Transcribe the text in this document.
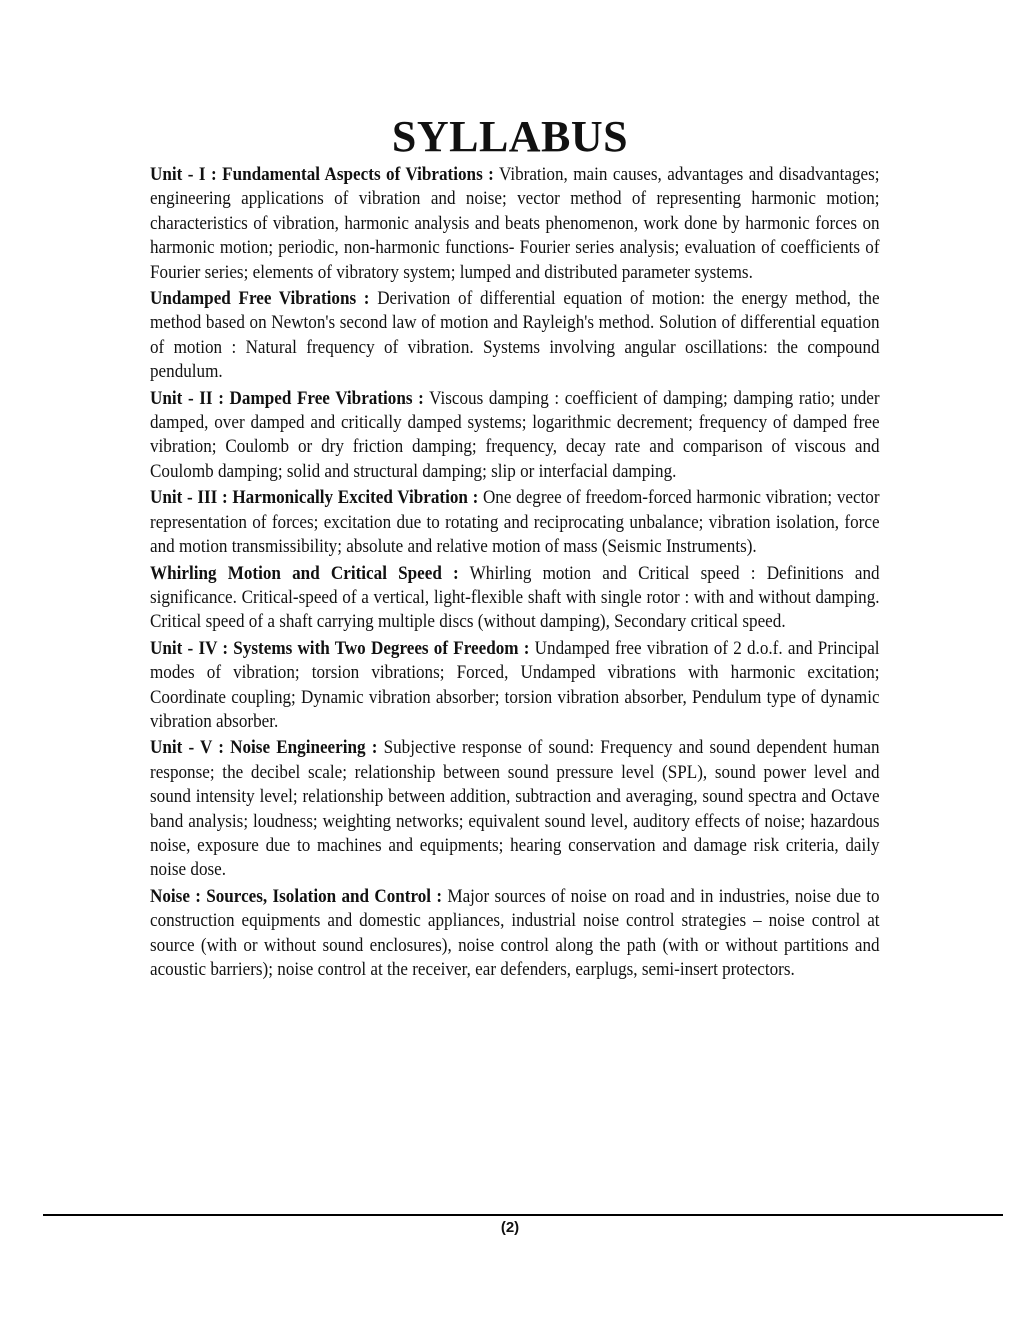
SYLLABUS

Unit - I : Fundamental Aspects of Vibrations : Vibration, main causes, advantages and disadvantages; engineering applications of vibration and noise; vector method of representing harmonic motion; characteristics of vibration, harmonic analysis and beats phenomenon, work done by harmonic forces on harmonic motion; periodic, non-harmonic functions- Fourier series analysis; evaluation of coefficients of Fourier series; elements of vibratory system; lumped and distributed parameter systems.

Undamped Free Vibrations : Derivation of differential equation of motion: the energy method, the method based on Newton's second law of motion and Rayleigh's method. Solution of differential equation of motion : Natural frequency of vibration. Systems involving angular oscillations: the compound pendulum.

Unit - II : Damped Free Vibrations : Viscous damping : coefficient of damping; damping ratio; under damped, over damped and critically damped systems; logarithmic decrement; frequency of damped free vibration; Coulomb or dry friction damping; frequency, decay rate and comparison of viscous and Coulomb damping; solid and structural damping; slip or interfacial damping.

Unit - III : Harmonically Excited Vibration : One degree of freedom-forced harmonic vibration; vector representation of forces; excitation due to rotating and reciprocating unbalance; vibration isolation, force and motion transmissibility; absolute and relative motion of mass (Seismic Instruments).

Whirling Motion and Critical Speed : Whirling motion and Critical speed : Definitions and significance. Critical-speed of a vertical, light-flexible shaft with single rotor : with and without damping. Critical speed of a shaft carrying multiple discs (without damping), Secondary critical speed.

Unit - IV : Systems with Two Degrees of Freedom : Undamped free vibration of 2 d.o.f. and Principal modes of vibration; torsion vibrations; Forced, Undamped vibrations with harmonic excitation; Coordinate coupling; Dynamic vibration absorber; torsion vibration absorber, Pendulum type of dynamic vibration absorber.

Unit - V : Noise Engineering : Subjective response of sound: Frequency and sound dependent human response; the decibel scale; relationship between sound pressure level (SPL), sound power level and sound intensity level; relationship between addition, subtraction and averaging, sound spectra and Octave band analysis; loudness; weighting networks; equivalent sound level, auditory effects of noise; hazardous noise, exposure due to machines and equipments; hearing conservation and damage risk criteria, daily noise dose.

Noise : Sources, Isolation and Control : Major sources of noise on road and in industries, noise due to construction equipments and domestic appliances, industrial noise control strategies – noise control at source (with or without sound enclosures), noise control along the path (with or without partitions and acoustic barriers); noise control at the receiver, ear defenders, earplugs, semi-insert protectors.

(2)
